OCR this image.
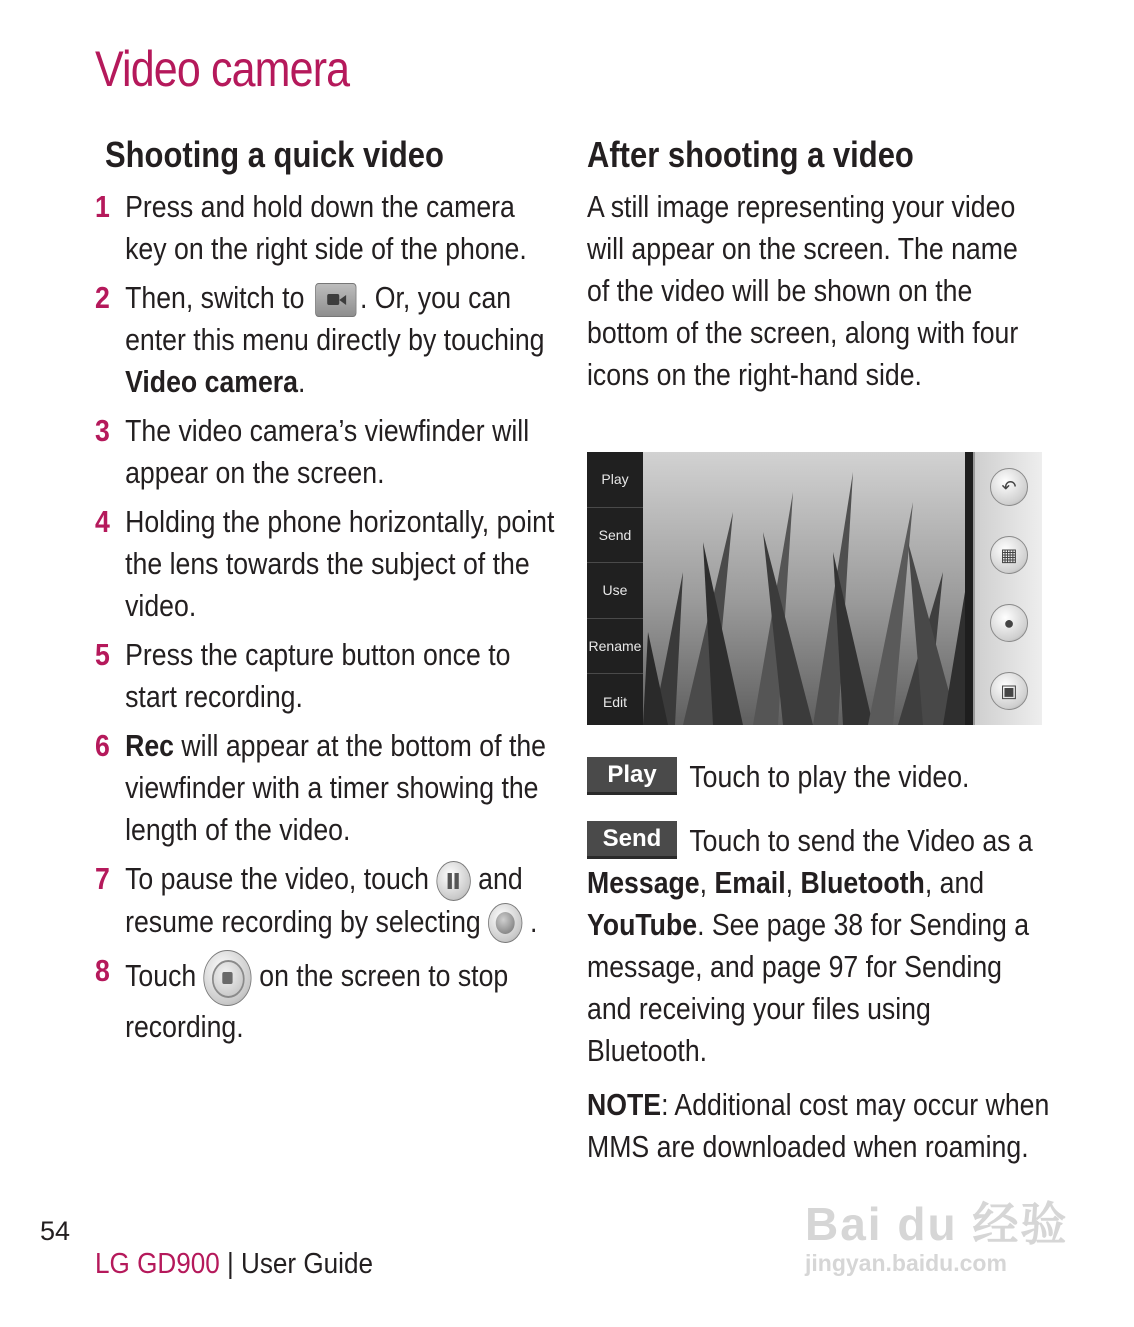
Video camera
Shooting a quick video
1 Press and hold down the camera key on the right side of the phone.
2 Then, switch to . Or, you can enter this menu directly by touching Video camera.
3 The video camera’s viewfinder will appear on the screen.
4 Holding the phone horizontally, point the lens towards the subject of the video.
5 Press the capture button once to start recording.
6 Rec will appear at the bottom of the viewfinder with a timer showing the length of the video.
7 To pause the video, touch and resume recording by selecting .
8 Touch on the screen to stop recording.
After shooting a video
A still image representing your video will appear on the screen. The name of the video will be shown on the bottom of the screen, along with four icons on the right-hand side.
Play
Send
Use
Rename
Edit
↶
▦
●
▣
Play	Touch to play the video.
Send Touch to send the Video as a Message, Email, Bluetooth, and YouTube. See page 38 for Sending a message, and page 97 for Sending and receiving your files using Bluetooth.
NOTE: Additional cost may occur when MMS are downloaded when roaming.
54
LG GD900 | User Guide
Bai du 经验
jingyan.baidu.com
